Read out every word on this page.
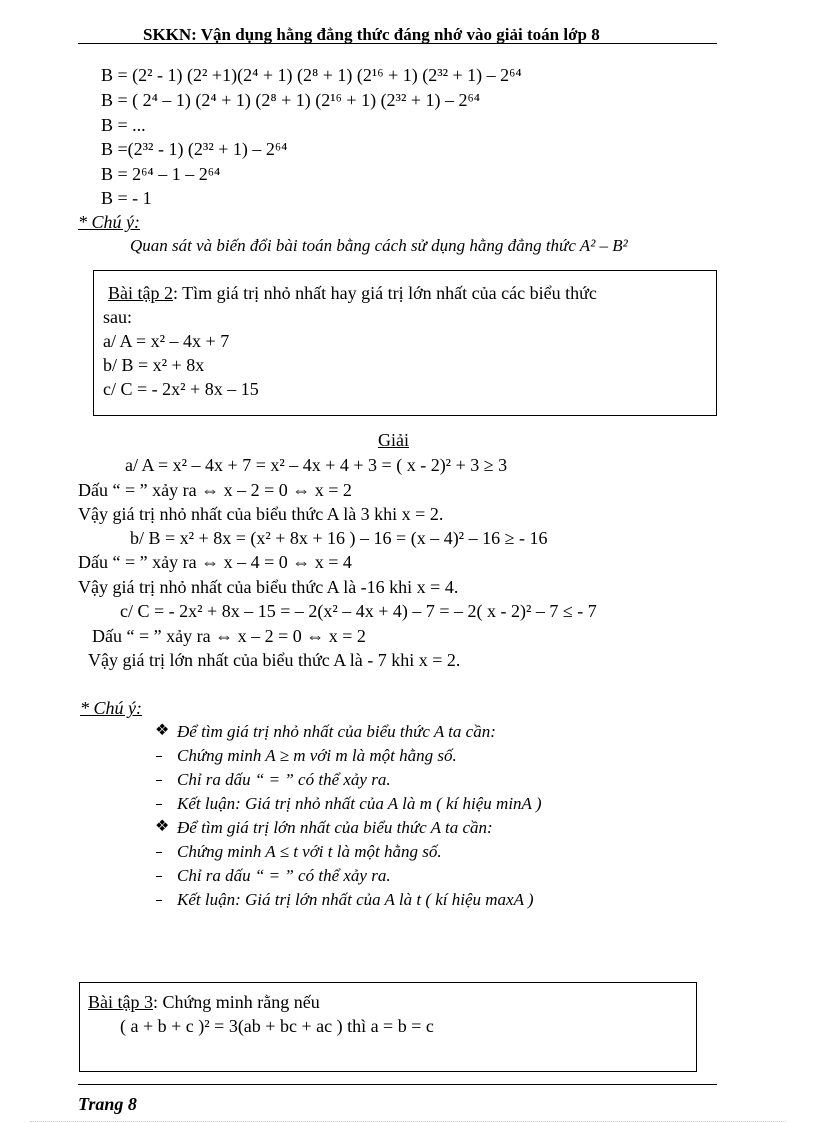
SKKN: Vận dụng hằng đẳng thức đáng nhớ vào giải toán lớp 8
B = (2² - 1) (2² +1)(2⁴ + 1) (2⁸ + 1) (2¹⁶ + 1) (2³² + 1) – 2⁶⁴
B = ( 2⁴ – 1) (2⁴ + 1) (2⁸ + 1) (2¹⁶ + 1) (2³² + 1) – 2⁶⁴
B = ...
B =(2³² - 1) (2³² + 1) – 2⁶⁴
B = 2⁶⁴ – 1 – 2⁶⁴
B = - 1
* Chú ý:
Quan sát và biến đổi bài toán bằng cách sử dụng hằng đẳng thức A² – B²
Bài tập 2: Tìm giá trị nhỏ nhất hay giá trị lớn nhất của các biểu thức
sau:
a/ A = x² – 4x + 7
b/ B = x² + 8x
c/ C = - 2x² + 8x – 15
Giải
a/ A = x² – 4x + 7 = x² – 4x + 4 + 3 = ( x - 2)² + 3 ≥ 3
Dấu “ = ” xảy ra ⇔ x – 2 = 0 ⇔ x = 2
Vậy giá trị nhỏ nhất của biểu thức A là 3 khi x = 2.
b/ B = x² + 8x = (x² + 8x + 16 ) – 16 = (x – 4)² – 16 ≥ - 16
Dấu “ = ” xảy ra ⇔ x – 4 = 0 ⇔ x = 4
Vậy giá trị nhỏ nhất của biểu thức A là -16 khi x = 4.
c/ C = - 2x² + 8x – 15 = – 2(x² – 4x + 4) – 7 = – 2( x - 2)² – 7 ≤ - 7
Dấu “ = ” xảy ra ⇔ x – 2 = 0 ⇔ x = 2
Vậy giá trị lớn nhất của biểu thức A là - 7 khi x = 2.
* Chú ý:
❖ Để tìm giá trị nhỏ nhất của biểu thức A ta cần:
Chứng minh A ≥ m với m là một hằng số.
Chỉ ra dấu “ = ” có thể xảy ra.
Kết luận: Giá trị nhỏ nhất của A là m ( kí hiệu minA )
❖ Để tìm giá trị lớn nhất của biểu thức A ta cần:
Chứng minh A ≤ t với t là một hằng số.
Chỉ ra dấu “ = ” có thể xảy ra.
Kết luận: Giá trị lớn nhất của A là t ( kí hiệu maxA )
Bài tập 3: Chứng minh rằng nếu
( a + b + c )² = 3(ab + bc + ac ) thì a = b = c
Trang 8
